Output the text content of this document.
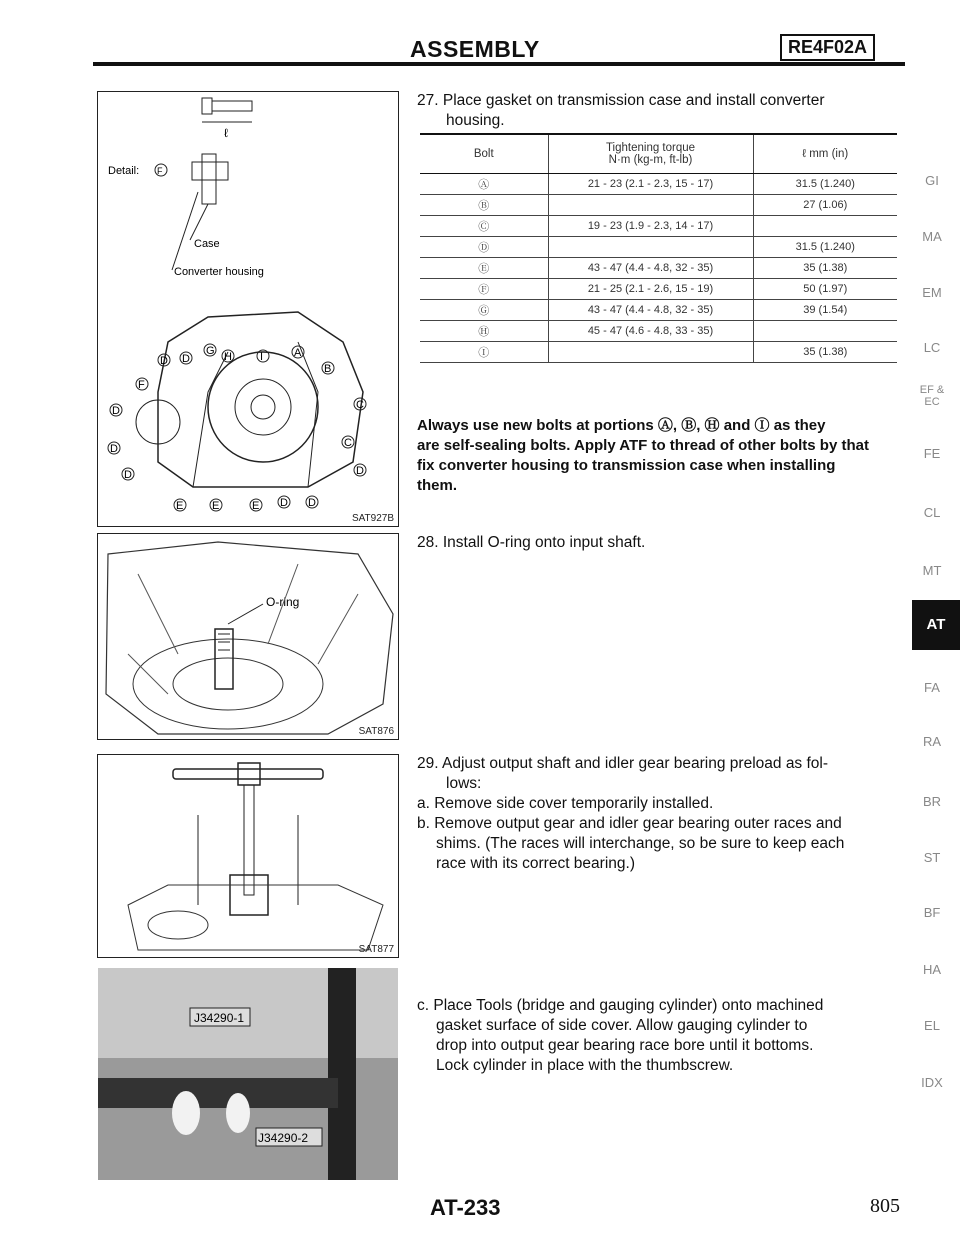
ASSEMBLY	RE4F02A
ℓ
Detail: F
Case
Converter housing
D D
G H	I	A
B
F
C
D
C
D
D	D
E	E	E D D
SAT927B
O-ring
SAT876
SAT877
J34290-1
J34290-2
27. Place gasket on transmission case and install converter
housing.
Bolt	Tightening torque
N·m (kg-m, ft-lb)	ℓ mm (in)
Ⓐ	21 - 23 (2.1 - 2.3, 15 - 17)	31.5 (1.240)
Ⓑ		27 (1.06)
Ⓒ	19 - 23 (1.9 - 2.3, 14 - 17)	
Ⓓ		31.5 (1.240)
Ⓔ	43 - 47 (4.4 - 4.8, 32 - 35)	35 (1.38)
Ⓕ	21 - 25 (2.1 - 2.6, 15 - 19)	50 (1.97)
Ⓖ	43 - 47 (4.4 - 4.8, 32 - 35)	39 (1.54)
Ⓗ	45 - 47 (4.6 - 4.8, 33 - 35)	
Ⓘ		35 (1.38)
Always use new bolts at portions Ⓐ, Ⓑ, Ⓗ and Ⓘ as they
are self-sealing bolts. Apply ATF to thread of other bolts by that
fix converter housing to transmission case when installing
them.
28. Install O-ring onto input shaft.
29. Adjust output shaft and idler gear bearing preload as fol-
lows:
a. Remove side cover temporarily installed.
b. Remove output gear and idler gear bearing outer races and
shims. (The races will interchange, so be sure to keep each
race with its correct bearing.)
c. Place Tools (bridge and gauging cylinder) onto machined
gasket surface of side cover. Allow gauging cylinder to
drop into output gear bearing race bore until it bottoms.
Lock cylinder in place with the thumbscrew.
GI
MA
EM
LC
EF & EC
FE
CL
MT
AT
FA
RA
BR
ST
BF
HA
EL
IDX
AT-233	805
